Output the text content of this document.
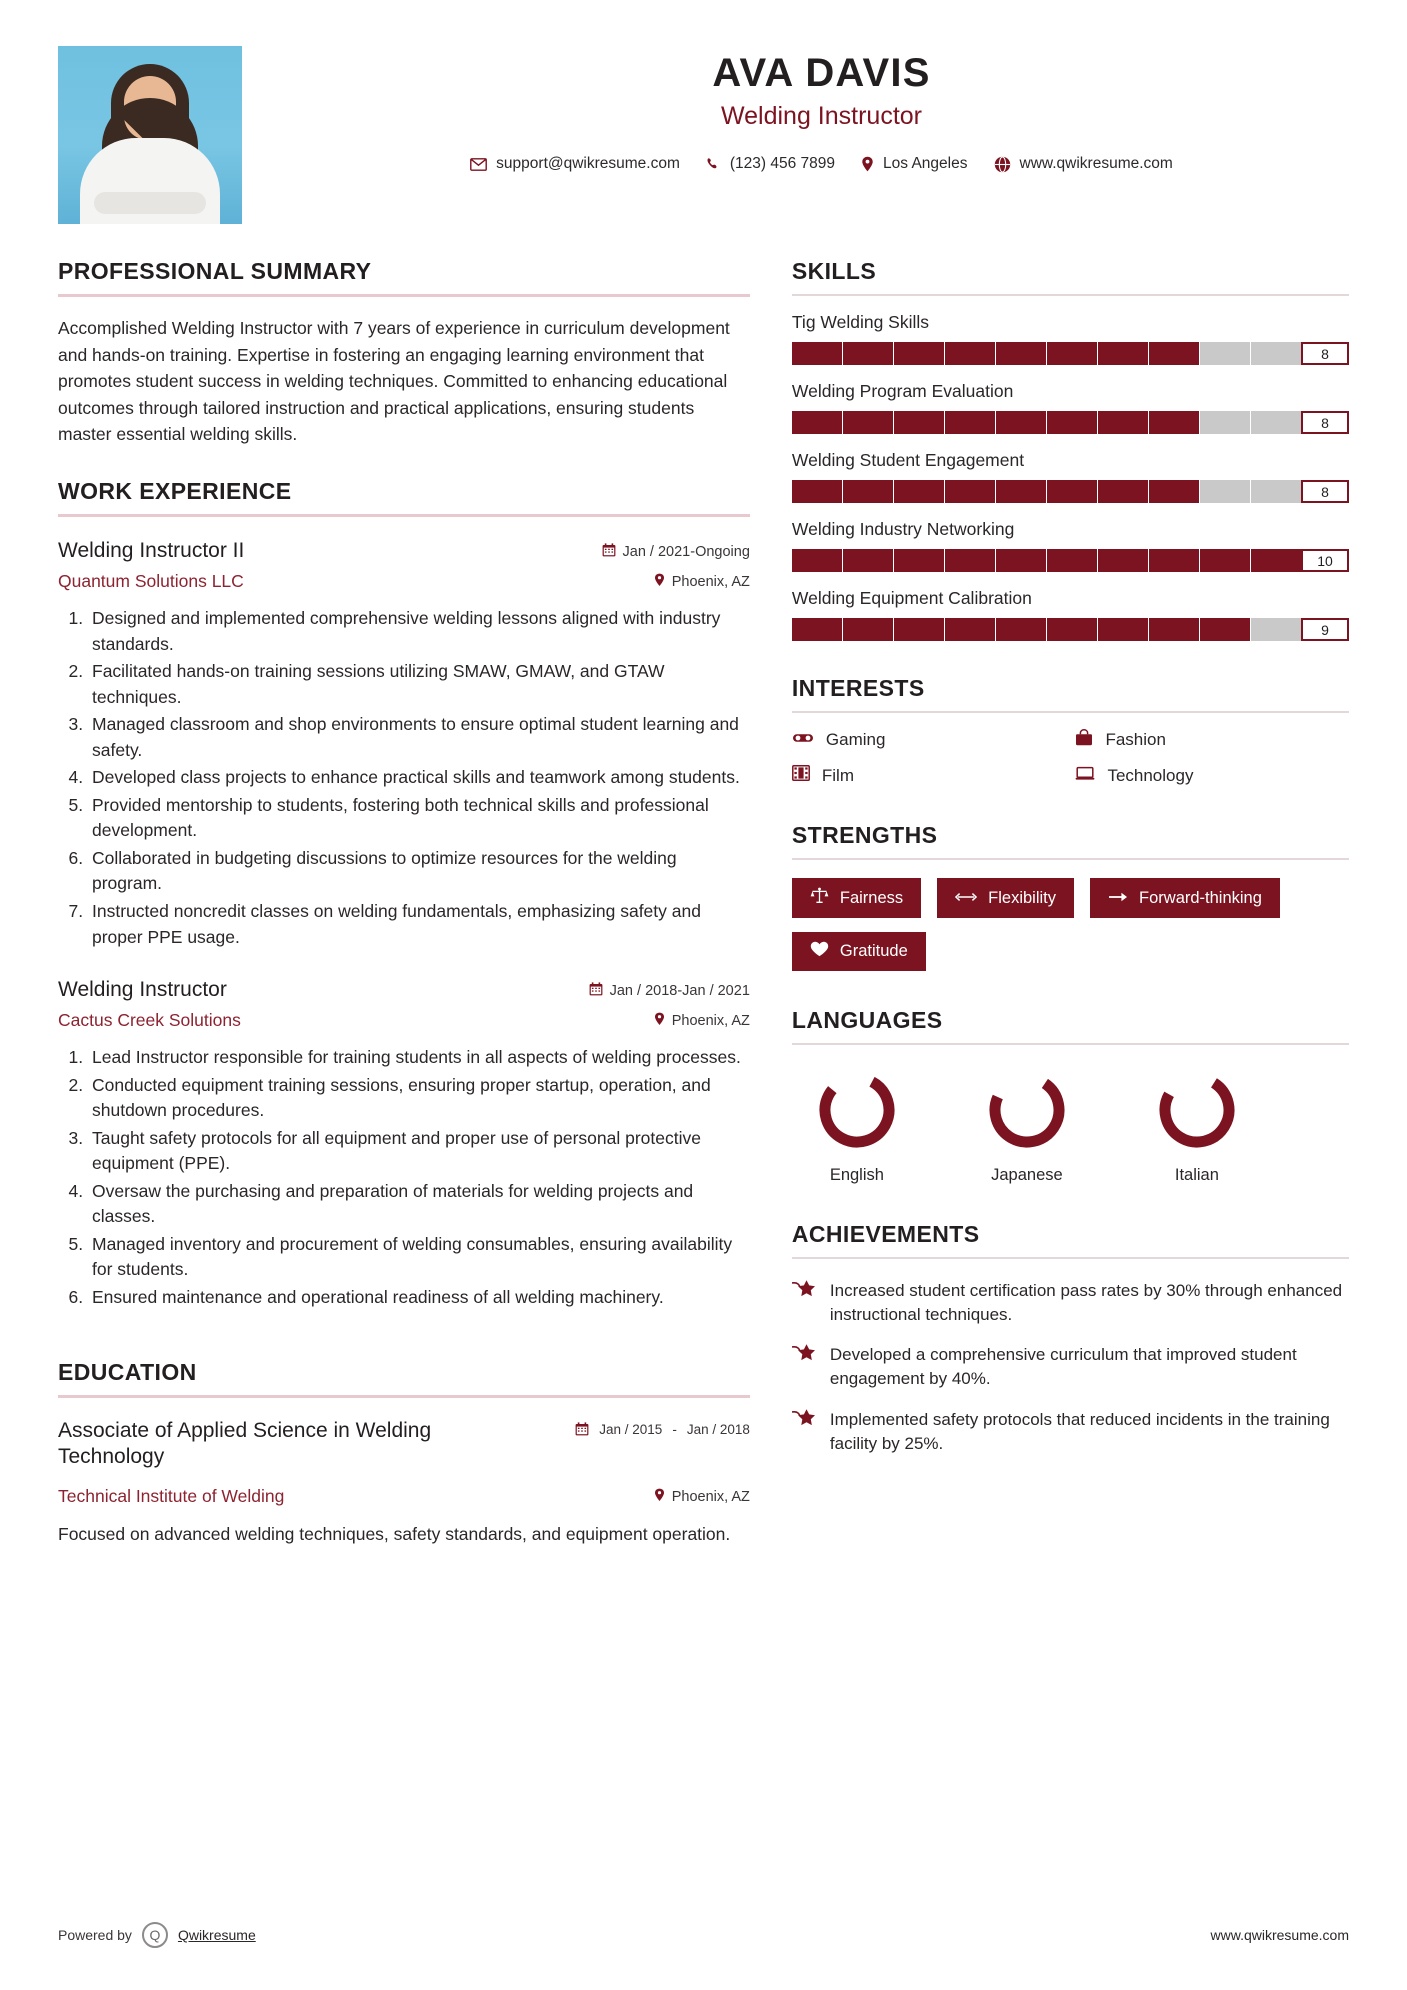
AVA DAVIS
Welding Instructor
support@qwikresume.com	(123) 456 7899	Los Angeles	www.qwikresume.com
PROFESSIONAL SUMMARY

Accomplished Welding Instructor with 7 years of experience in curriculum development and hands-on training. Expertise in fostering an engaging learning environment that promotes student success in welding techniques. Committed to enhancing educational outcomes through tailored instruction and practical applications, ensuring students master essential welding skills.

WORK EXPERIENCE
Welding Instructor II	Jan / 2021-Ongoing
Quantum Solutions LLC	Phoenix, AZ
1. Designed and implemented comprehensive welding lessons aligned with industry standards.
2. Facilitated hands-on training sessions utilizing SMAW, GMAW, and GTAW techniques.
3. Managed classroom and shop environments to ensure optimal student learning and safety.
4. Developed class projects to enhance practical skills and teamwork among students.
5. Provided mentorship to students, fostering both technical skills and professional development.
6. Collaborated in budgeting discussions to optimize resources for the welding program.
7. Instructed noncredit classes on welding fundamentals, emphasizing safety and proper PPE usage.
Welding Instructor	Jan / 2018-Jan / 2021
Cactus Creek Solutions	Phoenix, AZ
1. Lead Instructor responsible for training students in all aspects of welding processes.
2. Conducted equipment training sessions, ensuring proper startup, operation, and shutdown procedures.
3. Taught safety protocols for all equipment and proper use of personal protective equipment (PPE).
4. Oversaw the purchasing and preparation of materials for welding projects and classes.
5. Managed inventory and procurement of welding consumables, ensuring availability for students.
6. Ensured maintenance and operational readiness of all welding machinery.
EDUCATION
Associate of Applied Science in Welding Technology
Jan / 2015 - Jan / 2018
Technical Institute of Welding	Phoenix, AZ
Focused on advanced welding techniques, safety standards, and equipment operation.
SKILLS
Tig Welding Skills
8
Welding Program Evaluation
8
Welding Student Engagement
8
Welding Industry Networking
10
Welding Equipment Calibration
9
INTERESTS
Gaming	Fashion
Film	Technology
STRENGTHS
Fairness	Flexibility	Forward-thinking
Gratitude
LANGUAGES
English	Japanese	Italian
ACHIEVEMENTS
Increased student certification pass rates by 30% through enhanced instructional techniques.
Developed a comprehensive curriculum that improved student engagement by 40%.
Implemented safety protocols that reduced incidents in the training facility by 25%.
Powered by	Q	Qwikresume	www.qwikresume.com
